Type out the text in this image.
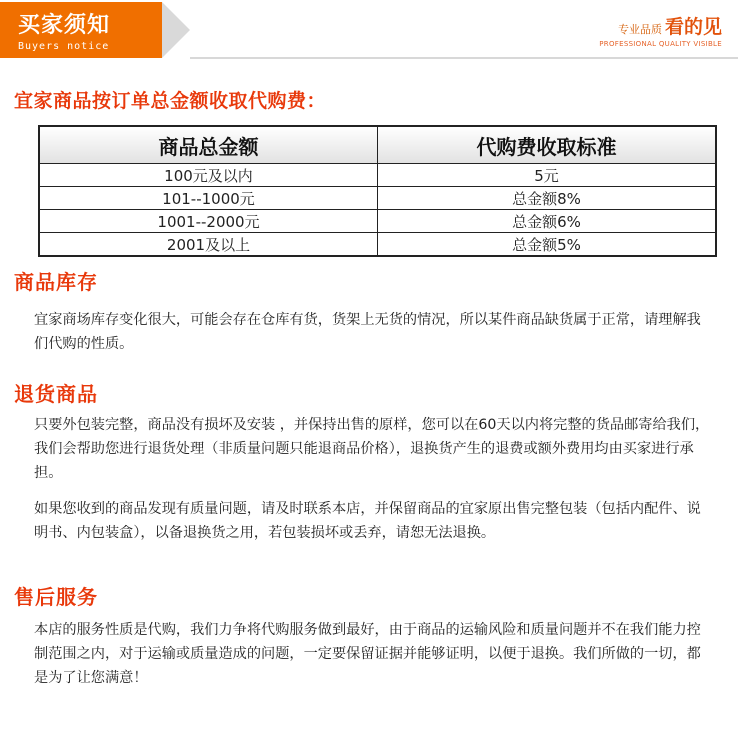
买家须知
Buyers notice
专业品质 看的见
PROFESSIONAL QUALITY VISIBLE
宜家商品按订单总金额收取代购费：
商品总金额	代购费收取标准
100元及以内	5元
101--1000元	总金额8%
1001--2000元	总金额6%
2001及以上	总金额5%
商品库存

宜家商场库存变化很大，可能会存在仓库有货，货架上无货的情况，所以某件商品缺货属于正常，请理解我们代购的性质。

退货商品

只要外包装完整，商品没有损坏及安装 ，并保持出售的原样，您可以在60天以内将完整的货品邮寄给我们，我们会帮助您进行退货处理（非质量问题只能退商品价格），退换货产生的退费或额外费用均由买家进行承担。

如果您收到的商品发现有质量问题，请及时联系本店，并保留商品的宜家原出售完整包装（包括内配件、说明书、内包装盒），以备退换货之用，若包装损坏或丢弃，请恕无法退换。

售后服务

本店的服务性质是代购，我们力争将代购服务做到最好，由于商品的运输风险和质量问题并不在我们能力控制范围之内，对于运输或质量造成的问题，一定要保留证据并能够证明，以便于退换。我们所做的一切，都是为了让您满意！
